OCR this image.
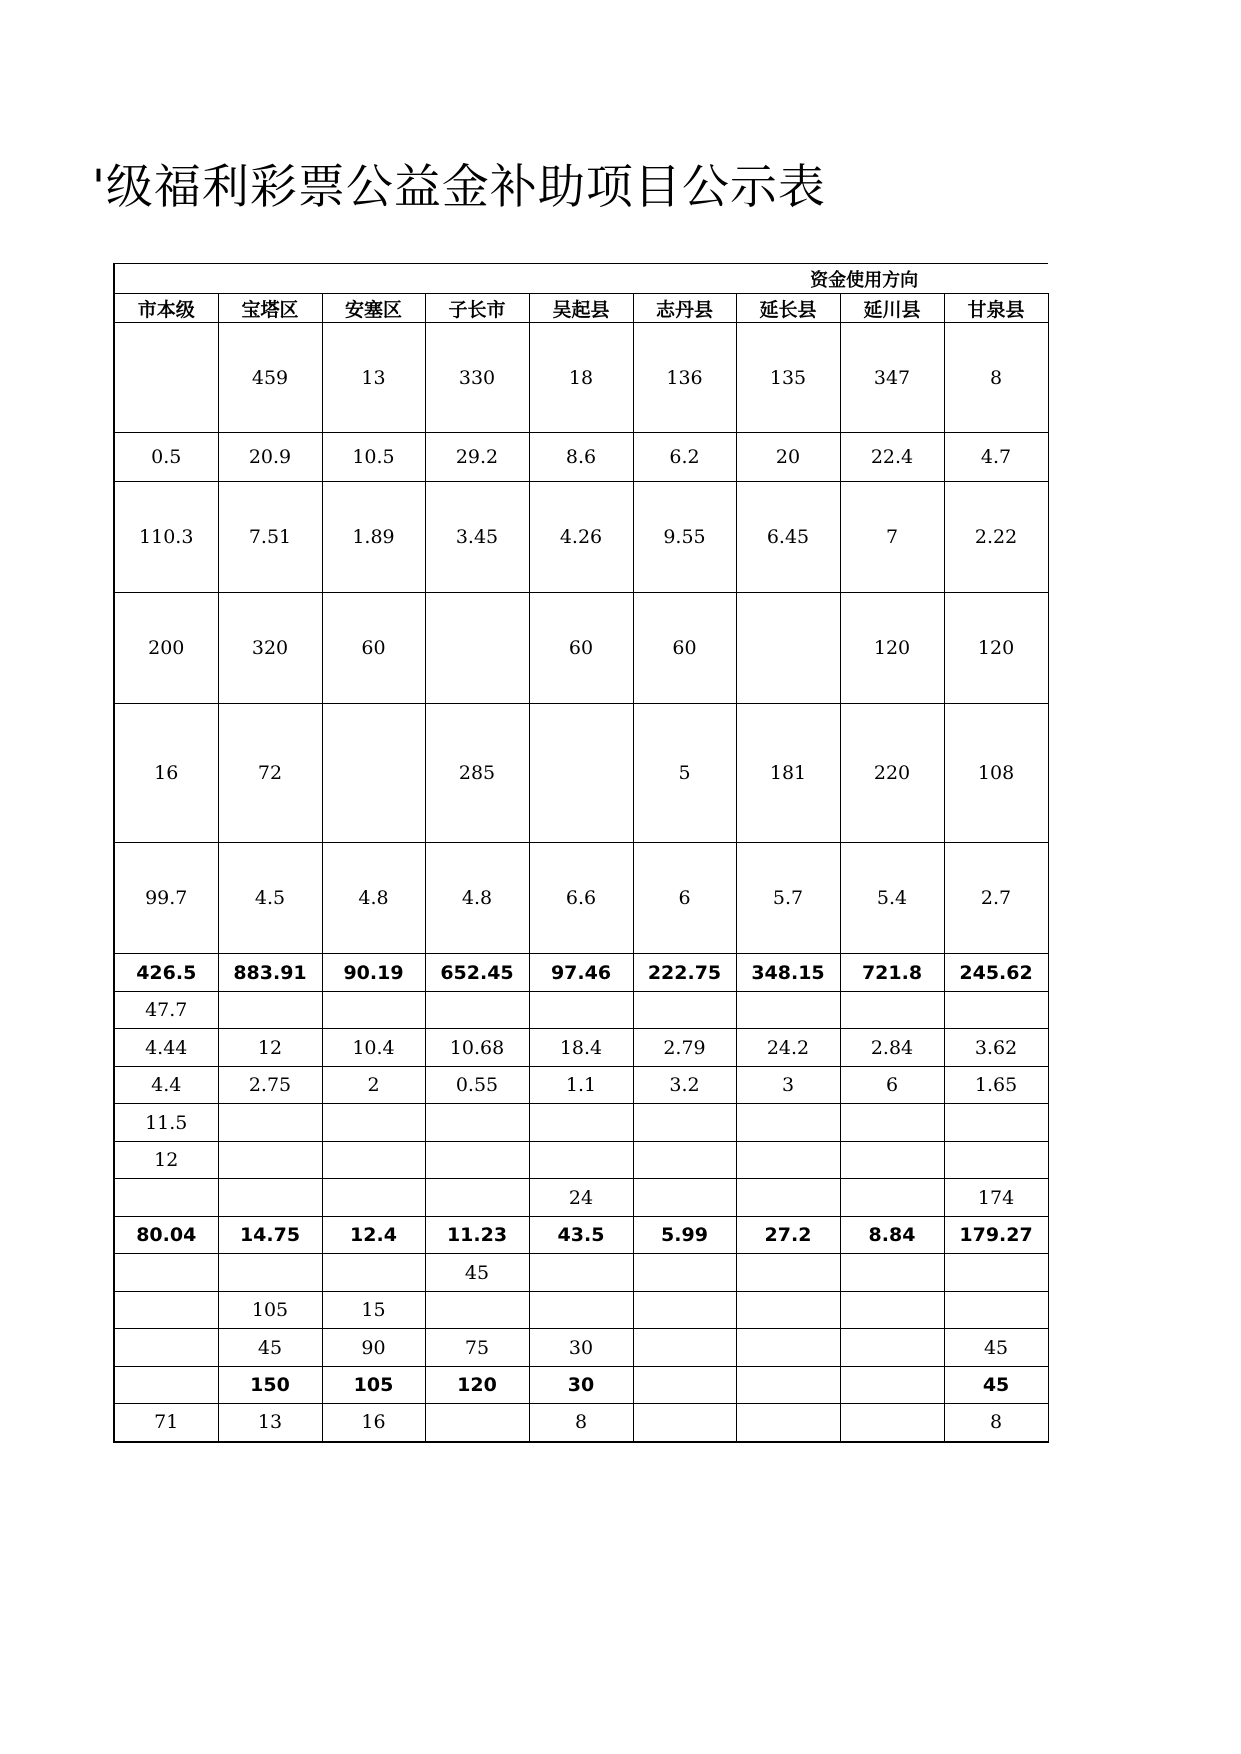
'级福利彩票公益金补助项目公示表
资金使用方向								
市本级	宝塔区	安塞区	子长市	吴起县	志丹县	延长县	延川县	甘泉县
	459	13	330	18	136	135	347	8
0.5	20.9	10.5	29.2	8.6	6.2	20	22.4	4.7
110.3	7.51	1.89	3.45	4.26	9.55	6.45	7	2.22
200	320	60		60	60		120	120
16	72		285		5	181	220	108
99.7	4.5	4.8	4.8	6.6	6	5.7	5.4	2.7
426.5	883.91	90.19	652.45	97.46	222.75	348.15	721.8	245.62
47.7								
4.44	12	10.4	10.68	18.4	2.79	24.2	2.84	3.62
4.4	2.75	2	0.55	1.1	3.2	3	6	1.65
11.5								
12								
				24				174
80.04	14.75	12.4	11.23	43.5	5.99	27.2	8.84	179.27
			45					
	105	15						
	45	90	75	30				45
	150	105	120	30				45
71	13	16		8				8
